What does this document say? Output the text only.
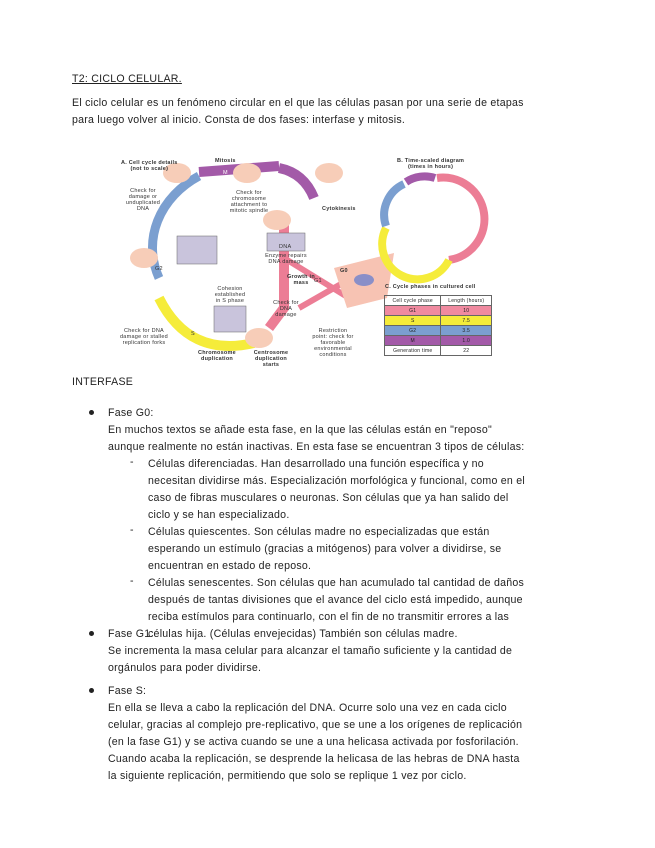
T2: CICLO CELULAR.
El ciclo celular es un fenómeno circular en el que las células pasan por una serie de etapas
para luego volver al inicio. Consta de dos fases: interfase y mitosis.
A. Cell cycle details
(not to scale)
Mitosis
M
Cytokinesis
Check for damage or unduplicated DNA
Check for chromosome attachment to mitotic spindle
DNA
Enzyme repairs DNA damage
G0
Growth in mass G1
G2
S
Cohesion established in S phase	Check for DNA damage
Check for DNA damage or stalled replication forks
Chromosome duplication
Centrosome duplication starts
Restriction point: check for favorable environmental conditions
B. Time-scaled diagram
(times in hours)
C. Cycle phases in cultured cell
Cell cycle phase	Length (hours)
G1	10
S	7.5
G2	3.5
M	1.0
Generation time	22
INTERFASE
Fase G0:
En muchos textos se añade esta fase, en la que las células están en "reposo"
aunque realmente no están inactivas. En esta fase se encuentran 3 tipos de células:
- Células diferenciadas. Han desarrollado una función específica y no
necesitan dividirse más. Especialización morfológica y funcional, como en el
caso de fibras musculares o neuronas. Son células que ya han salido del
ciclo y se han especializado.
- Células quiescentes. Son células madre no especializadas que están
esperando un estímulo (gracias a mitógenos) para volver a dividirse, se
encuentran en estado de reposo.
- Células senescentes. Son células que han acumulado tal cantidad de daños
después de tantas divisiones que el avance del ciclo está impedido, aunque
reciba estímulos para continuarlo, con el fin de no transmitir errores a las
células hija. (Células envejecidas) También son células madre.
Fase G1:
Se incrementa la masa celular para alcanzar el tamaño suficiente y la cantidad de
orgánulos para poder dividirse.
Fase S:
En ella se lleva a cabo la replicación del DNA. Ocurre solo una vez en cada ciclo
celular, gracias al complejo pre-replicativo, que se une a los orígenes de replicación
(en la fase G1) y se activa cuando se une a una helicasa activada por fosforilación.
Cuando acaba la replicación, se desprende la helicasa de las hebras de DNA hasta
la siguiente replicación, permitiendo que solo se replique 1 vez por ciclo.
